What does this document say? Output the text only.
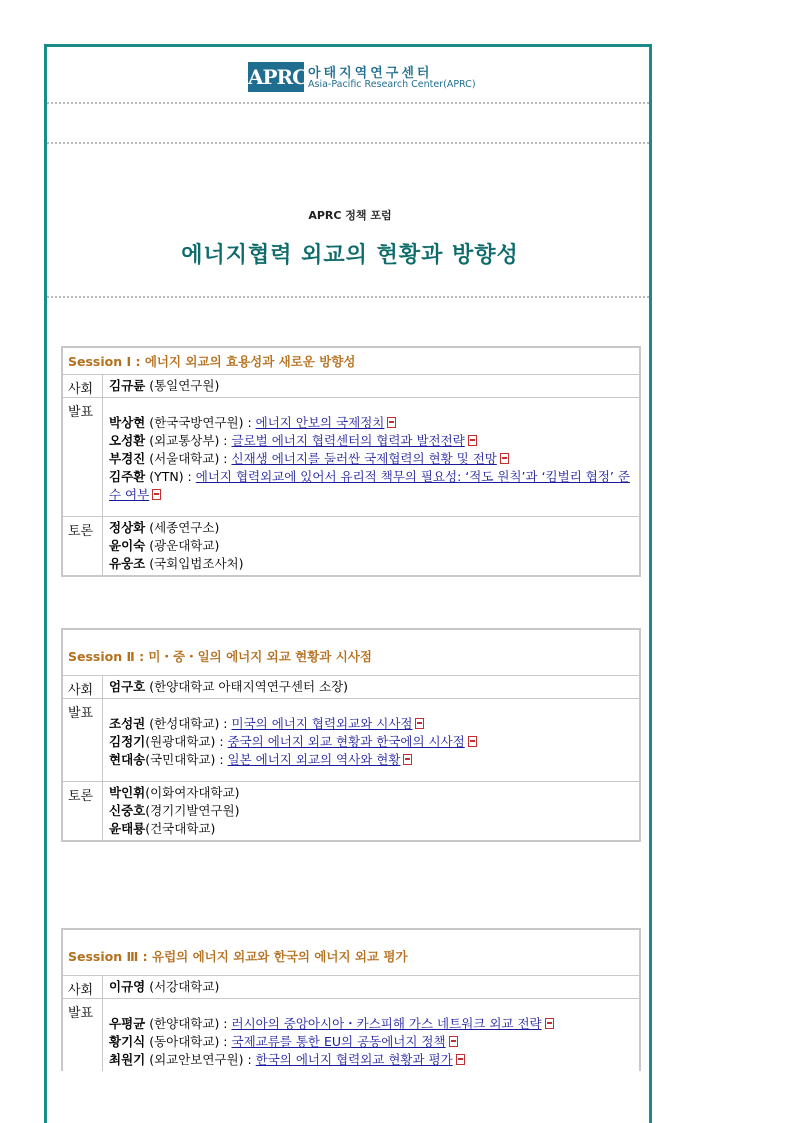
APRC 아태지역연구센터
Asia-Pacific Research Center(APRC)
APRC 정책 포럼
에너지협력 외교의 현황과 방향성
Session Ⅰ : 에너지 외교의 효용성과 새로운 방향성
사회	김규륜 (통일연구원)
발표
박상현 (한국국방연구원) : 에너지 안보의 국제정치
오성환 (외교통상부) : 글로벌 에너지 협력센터의 협력과 발전전략
부경진 (서울대학교) : 신재생 에너지를 둘러싼 국제협력의 현황 및 전망
김주환 (YTN) : 에너지 협력외교에 있어서 유리적 책무의 필요성: ‘적도 원칙’과 ‘킴벌리 협정’ 준수 여부
토론	정상화 (세종연구소)
윤이숙 (광운대학교)
유웅조 (국회입법조사처)
Session Ⅱ : 미・중・일의 에너지 외교 현황과 시사점
사회	엄구호 (한양대학교 아태지역연구센터 소장)
발표
조성권 (한성대학교) : 미국의 에너지 협력외교와 시사점
김정기(원광대학교) : 중국의 에너지 외교 현황과 한국에의 시사점
현대송(국민대학교) : 일본 에너지 외교의 역사와 현황
토론	박인휘(이화여자대학교)
신중호(경기기발연구원)
윤태룡(건국대학교)
Session Ⅲ : 유럽의 에너지 외교와 한국의 에너지 외교 평가
사회	이규영 (서강대학교)
발표
우평균 (한양대학교) : 러시아의 중앙아시아・카스피해 가스 네트워크 외교 전략
황기식 (동아대학교) : 국제교류를 통한 EU의 공동에너지 정책
최원기 (외교안보연구원) : 한국의 에너지 협력외교 현황과 평가
